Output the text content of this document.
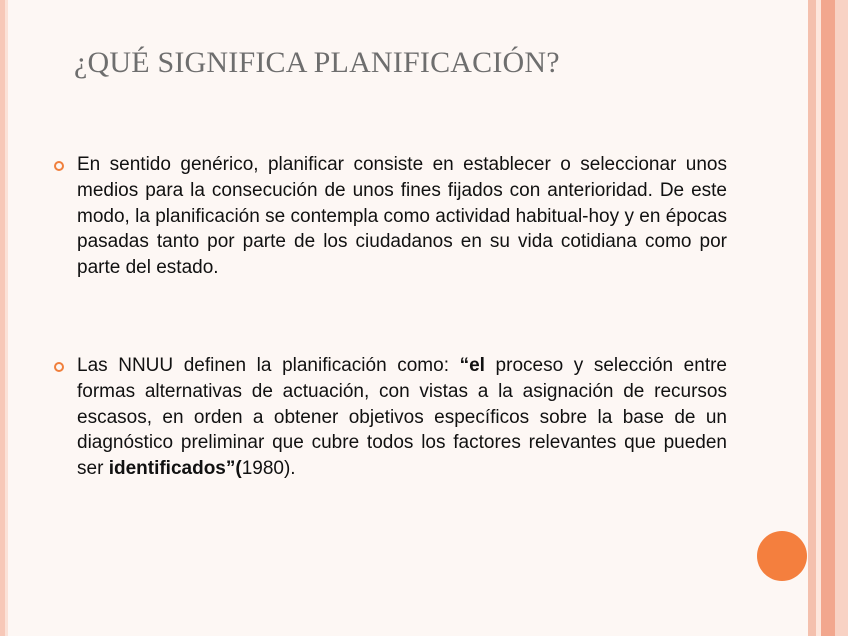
¿QUÉ SIGNIFICA PLANIFICACIÓN?

En sentido genérico, planificar consiste en establecer o seleccionar unos medios para la consecución de unos fines fijados con anterioridad. De este modo, la planificación se contempla como actividad habitual-hoy y en épocas pasadas tanto por parte de los ciudadanos en su vida cotidiana como por parte del estado.

Las NNUU definen la planificación como: “el proceso y selección entre formas alternativas de actuación, con vistas a la asignación de recursos escasos, en orden a obtener objetivos específicos sobre la base de un diagnóstico preliminar que cubre todos los factores relevantes que pueden ser identificados”(1980).
